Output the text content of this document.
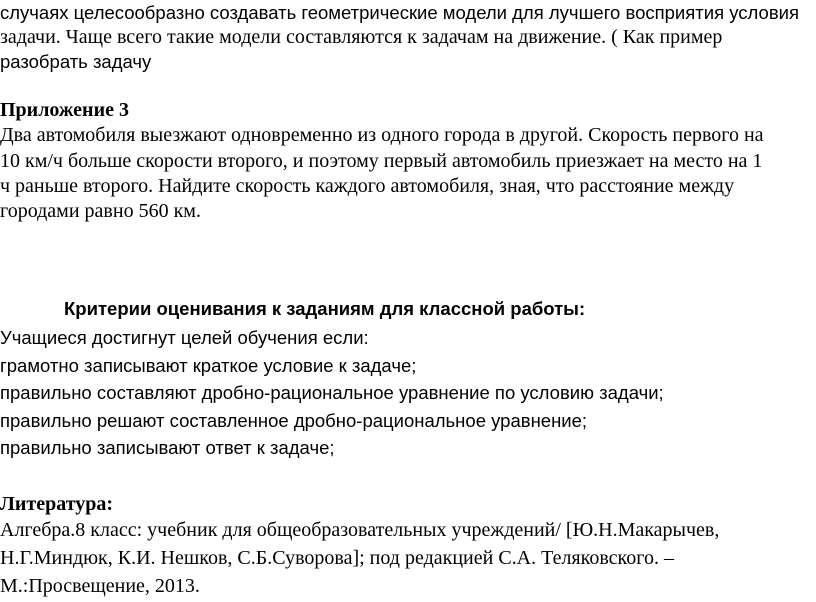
случаях целесообразно создавать геометрические модели для лучшего восприятия условия
задачи. Чаще всего такие модели составляются к задачам на движение. ( Как пример
разобрать задачу
Приложение 3
Два автомобиля выезжают одновременно из одного города в другой. Скорость первого на
10 км/ч больше скорости второго, и поэтому первый автомобиль приезжает на место на 1
ч раньше второго. Найдите скорость каждого автомобиля, зная, что расстояние между
городами равно 560 км.
Критерии оценивания к заданиям для классной работы:
Учащиеся достигнут целей обучения если:
грамотно записывают краткое условие к задаче;
правильно составляют дробно-рациональное уравнение по условию задачи;
правильно решают составленное дробно-рациональное уравнение;
правильно записывают ответ к задаче;
Литература:
Алгебра.8 класс: учебник для общеобразовательных учреждений/ [Ю.Н.Макарычев,
Н.Г.Миндюк, К.И. Нешков, С.Б.Суворова]; под редакцией С.А. Теляковского. –
М.:Просвещение, 2013.
